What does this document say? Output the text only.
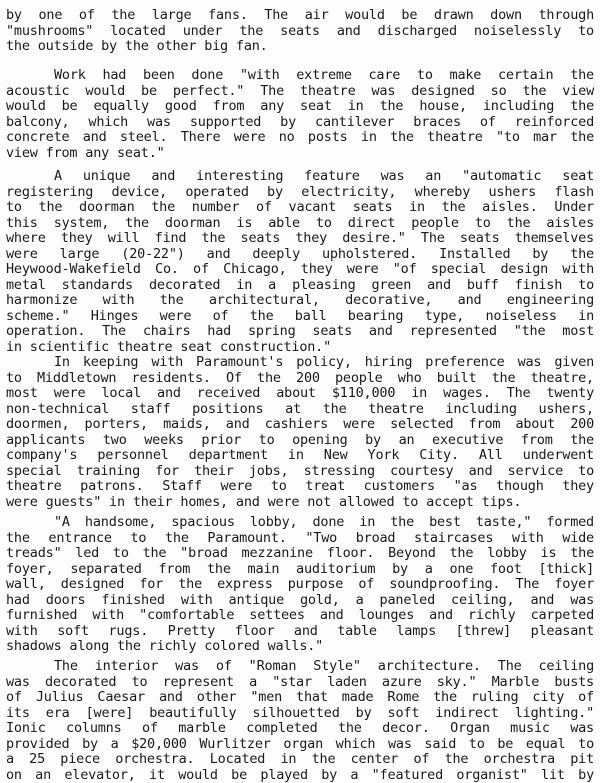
by one of the large fans. The air would be drawn down through
"mushrooms" located under the seats and discharged noiselessly to
the outside by the other big fan.
Work had been done "with extreme care to make certain the
acoustic would be perfect." The theatre was designed so the view
would be equally good from any seat in the house, including the
balcony, which was supported by cantilever braces of reinforced
concrete and steel. There were no posts in the theatre "to mar the
view from any seat."
A unique and interesting feature was an "automatic seat
registering device, operated by electricity, whereby ushers flash
to the doorman the number of vacant seats in the aisles. Under
this system, the doorman is able to direct people to the aisles
where they will find the seats they desire." The seats themselves
were large (20-22") and deeply upholstered. Installed by the
Heywood-Wakefield Co. of Chicago, they were "of special design with
metal standards decorated in a pleasing green and buff finish to
harmonize with the architectural, decorative, and engineering
scheme." Hinges were of the ball bearing type, noiseless in
operation. The chairs had spring seats and represented "the most
in scientific theatre seat construction."
In keeping with Paramount's policy, hiring preference was given
to Middletown residents. Of the 200 people who built the theatre,
most were local and received about $110,000 in wages. The twenty
non-technical staff positions at the theatre including ushers,
doormen, porters, maids, and cashiers were selected from about 200
applicants two weeks prior to opening by an executive from the
company's personnel department in New York City. All underwent
special training for their jobs, stressing courtesy and service to
theatre patrons. Staff were to treat customers "as though they
were guests" in their homes, and were not allowed to accept tips.
"A handsome, spacious lobby, done in the best taste," formed
the entrance to the Paramount. "Two broad staircases with wide
treads" led to the "broad mezzanine floor. Beyond the lobby is the
foyer, separated from the main auditorium by a one foot [thick]
wall, designed for the express purpose of soundproofing. The foyer
had doors finished with antique gold, a paneled ceiling, and was
furnished with "comfortable settees and lounges and richly carpeted
with soft rugs. Pretty floor and table lamps [threw] pleasant
shadows along the richly colored walls."
The interior was of "Roman Style" architecture. The ceiling
was decorated to represent a "star laden azure sky." Marble busts
of Julius Caesar and other "men that made Rome the ruling city of
its era [were] beautifully silhouetted by soft indirect lighting."
Ionic columns of marble completed the decor. Organ music was
provided by a $20,000 Wurlitzer organ which was said to be equal to
a 25 piece orchestra. Located in the center of the orchestra pit
on an elevator, it would be played by a "featured organist" lit by
